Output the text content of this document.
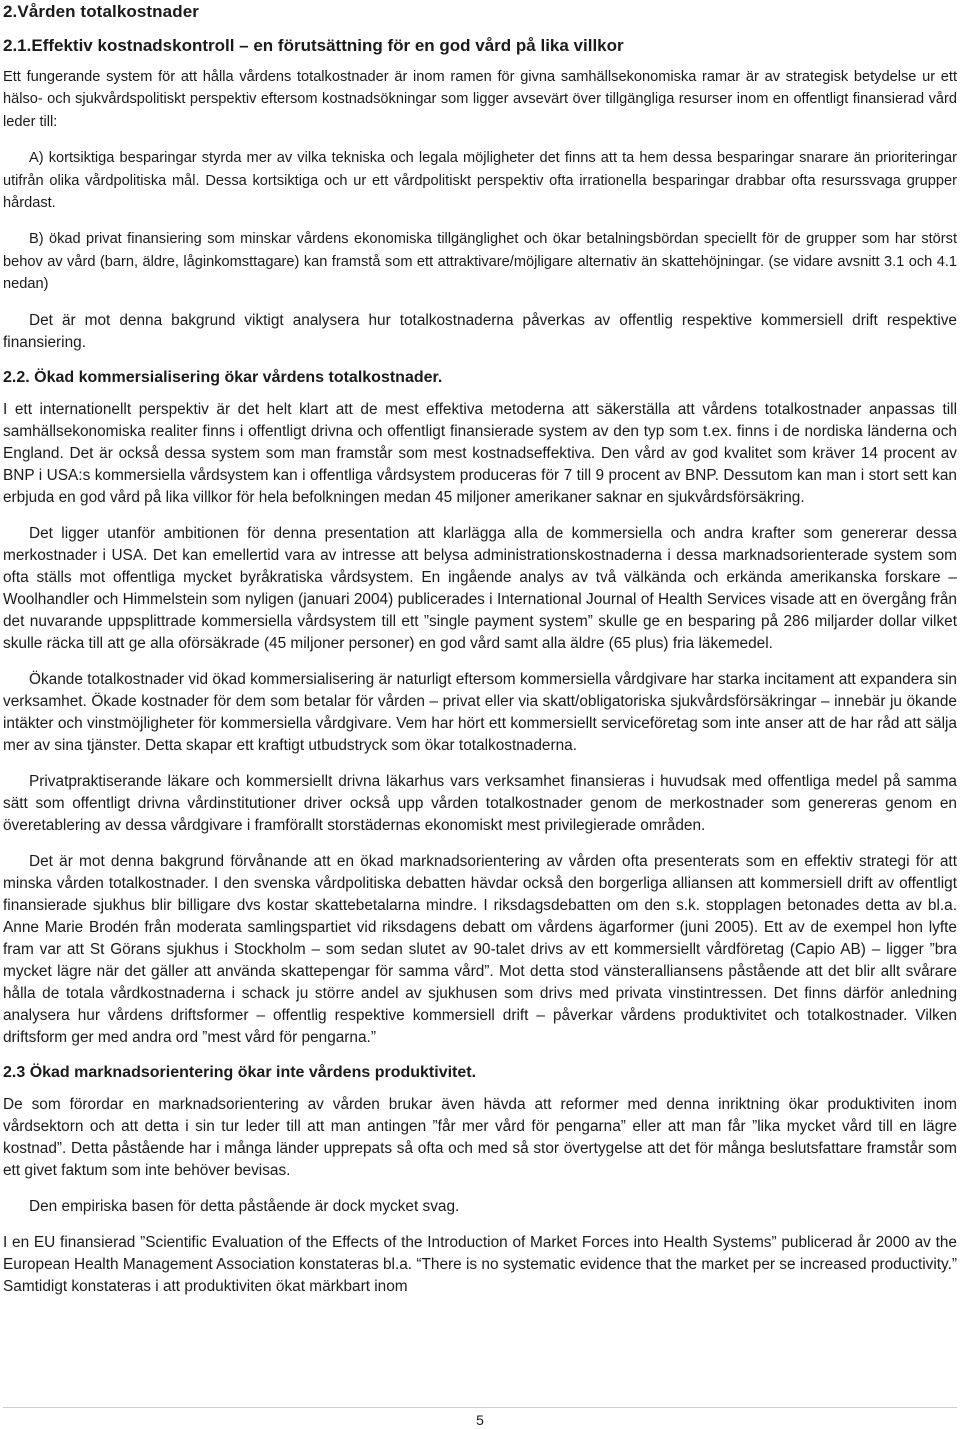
2.Vården totalkostnader
2.1.Effektiv kostnadskontroll – en förutsättning för en god vård på lika villkor

Ett fungerande system för att hålla vårdens totalkostnader är inom ramen för givna samhällsekonomiska ramar är av strategisk betydelse ur ett hälso- och sjukvårdspolitiskt perspektiv eftersom kostnadsökningar som ligger avsevärt över tillgängliga resurser inom en offentligt finansierad vård leder till:

A) kortsiktiga besparingar styrda mer av vilka tekniska och legala möjligheter det finns att ta hem dessa besparingar snarare än prioriteringar utifrån olika vårdpolitiska mål. Dessa kortsiktiga och ur ett vårdpolitiskt perspektiv ofta irrationella besparingar drabbar ofta resurssvaga grupper hårdast.

B) ökad privat finansiering som minskar vårdens ekonomiska tillgänglighet och ökar betalningsbördan speciellt för de grupper som har störst behov av vård (barn, äldre, låginkomsttagare) kan framstå som ett attraktivare/möjligare alternativ än skattehöjningar. (se vidare avsnitt 3.1 och 4.1 nedan)

Det är mot denna bakgrund viktigt analysera hur totalkostnaderna påverkas av offentlig respektive kommersiell drift respektive finansiering.

2.2. Ökad kommersialisering ökar vårdens totalkostnader.

I ett internationellt perspektiv är det helt klart att de mest effektiva metoderna att säkerställa att vårdens totalkostnader anpassas till samhällsekonomiska realiter finns i offentligt drivna och offentligt finansierade system av den typ som t.ex. finns i de nordiska länderna och England. Det är också dessa system som man framstår som mest kostnadseffektiva. Den vård av god kvalitet som kräver 14 procent av BNP i USA:s kommersiella vårdsystem kan i offentliga vårdsystem produceras för 7 till 9 procent av BNP. Dessutom kan man i stort sett kan erbjuda en god vård på lika villkor för hela befolkningen medan 45 miljoner amerikaner saknar en sjukvårdsförsäkring.

Det ligger utanför ambitionen för denna presentation att klarlägga alla de kommersiella och andra krafter som genererar dessa merkostnader i USA. Det kan emellertid vara av intresse att belysa administrationskostnaderna i dessa marknadsorienterade system som ofta ställs mot offentliga mycket byråkratiska vårdsystem. En ingående analys av två välkända och erkända amerikanska forskare – Woolhandler och Himmelstein som nyligen (januari 2004) publicerades i International Journal of Health Services visade att en övergång från det nuvarande uppsplittrade kommersiella vårdsystem till ett ”single payment system” skulle ge en besparing på 286 miljarder dollar vilket skulle räcka till att ge alla oförsäkrade (45 miljoner personer) en god vård samt alla äldre (65 plus) fria läkemedel.

Ökande totalkostnader vid ökad kommersialisering är naturligt eftersom kommersiella vårdgivare har starka incitament att expandera sin verksamhet. Ökade kostnader för dem som betalar för vården – privat eller via skatt/obligatoriska sjukvårdsförsäkringar – innebär ju ökande intäkter och vinstmöjligheter för kommersiella vårdgivare. Vem har hört ett kommersiellt serviceföretag som inte anser att de har råd att sälja mer av sina tjänster. Detta skapar ett kraftigt utbudstryck som ökar totalkostnaderna.

Privatpraktiserande läkare och kommersiellt drivna läkarhus vars verksamhet finansieras i huvudsak med offentliga medel på samma sätt som offentligt drivna vårdinstitutioner driver också upp vården totalkostnader genom de merkostnader som genereras genom en överetablering av dessa vårdgivare i framförallt storstädernas ekonomiskt mest privilegierade områden.

Det är mot denna bakgrund förvånande att en ökad marknadsorientering av vården ofta presenterats som en effektiv strategi för att minska vården totalkostnader. I den svenska vårdpolitiska debatten hävdar också den borgerliga alliansen att kommersiell drift av offentligt finansierade sjukhus blir billigare dvs kostar skattebetalarna mindre. I riksdagsdebatten om den s.k. stopplagen betonades detta av bl.a. Anne Marie Brodén från moderata samlingspartiet vid riksdagens debatt om vårdens ägarformer (juni 2005). Ett av de exempel hon lyfte fram var att St Görans sjukhus i Stockholm – som sedan slutet av 90-talet drivs av ett kommersiellt vårdföretag (Capio AB) – ligger ”bra mycket lägre när det gäller att använda skattepengar för samma vård”. Mot detta stod vänsteralliansens påstående att det blir allt svårare hålla de totala vårdkostnaderna i schack ju större andel av sjukhusen som drivs med privata vinstintressen. Det finns därför anledning analysera hur vårdens driftsformer – offentlig respektive kommersiell drift – påverkar vårdens produktivitet och totalkostnader. Vilken driftsform ger med andra ord ”mest vård för pengarna.”

2.3 Ökad marknadsorientering ökar inte vårdens produktivitet.

De som förordar en marknadsorientering av vården brukar även hävda att reformer med denna inriktning ökar produktiviten inom vårdsektorn och att detta i sin tur leder till att man antingen ”får mer vård för pengarna” eller att man får ”lika mycket vård till en lägre kostnad”. Detta påstående har i många länder upprepats så ofta och med så stor övertygelse att det för många beslutsfattare framstår som ett givet faktum som inte behöver bevisas.

Den empiriska basen för detta påstående är dock mycket svag.

I en EU finansierad ”Scientific Evaluation of the Effects of the Introduction of Market Forces into Health Systems” publicerad år 2000 av the European Health Management Association konstateras bl.a. “There is no systematic evidence that the market per se increased productivity.” Samtidigt konstateras i att produktiviten ökat märkbart inom

5
